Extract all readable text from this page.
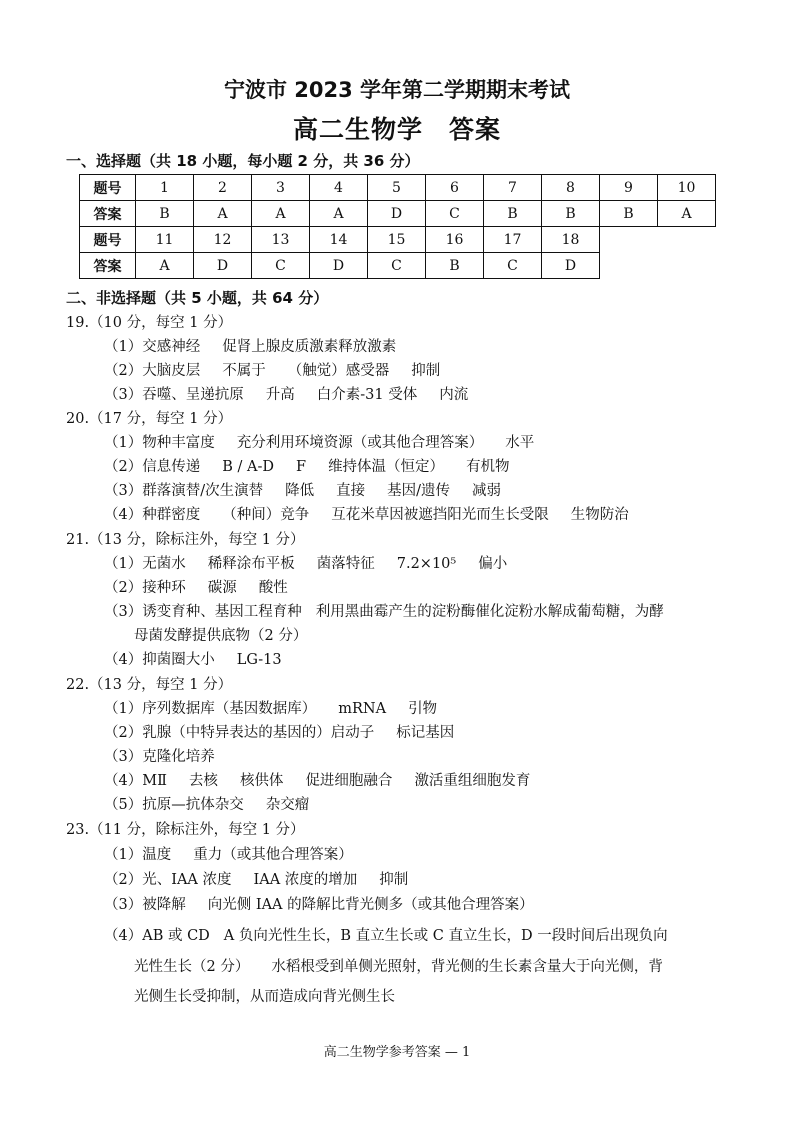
宁波市 2023 学年第二学期期末考试
高二生物学　答案
一、选择题（共 18 小题，每小题 2 分，共 36 分）
题号	1	2	3	4	5	6	7	8	9	10
答案	B	A	A	A	D	C	B	B	B	A
题号	11	12	13	14	15	16	17	18		
答案	A	D	C	D	C	B	C	D		
二、非选择题（共 5 小题，共 64 分）
19.（10 分，每空 1 分）
（1）交感神经 促肾上腺皮质激素释放激素
（2）大脑皮层 不属于 （触觉）感受器 抑制
（3）吞噬、呈递抗原 升高 白介素-31 受体 内流
20.（17 分，每空 1 分）
（1）物种丰富度 充分利用环境资源（或其他合理答案） 水平
（2）信息传递 B / A-D F 维持体温（恒定） 有机物
（3）群落演替/次生演替 降低 直接 基因/遗传 减弱
（4）种群密度 （种间）竞争 互花米草因被遮挡阳光而生长受限 生物防治
21.（13 分，除标注外，每空 1 分）
（1）无菌水 稀释涂布平板 菌落特征 7.2×10⁵ 偏小
（2）接种环 碳源 酸性
（3）诱变育种、基因工程育种 利用黑曲霉产生的淀粉酶催化淀粉水解成葡萄糖，为酵
母菌发酵提供底物（2 分）
（4）抑菌圈大小 LG-13
22.（13 分，每空 1 分）
（1）序列数据库（基因数据库） mRNA 引物
（2）乳腺（中特异表达的基因的）启动子 标记基因
（3）克隆化培养
（4）MⅡ 去核 核供体 促进细胞融合 激活重组细胞发育
（5）抗原—抗体杂交 杂交瘤
23.（11 分，除标注外，每空 1 分）
（1）温度 重力（或其他合理答案）
（2）光、IAA 浓度 IAA 浓度的增加 抑制
（3）被降解 向光侧 IAA 的降解比背光侧多（或其他合理答案）
（4）AB 或 CD A 负向光性生长，B 直立生长或 C 直立生长，D 一段时间后出现负向
光性生长（2 分） 水稻根受到单侧光照射，背光侧的生长素含量大于向光侧，背
光侧生长受抑制，从而造成向背光侧生长
高二生物学参考答案 — 1
